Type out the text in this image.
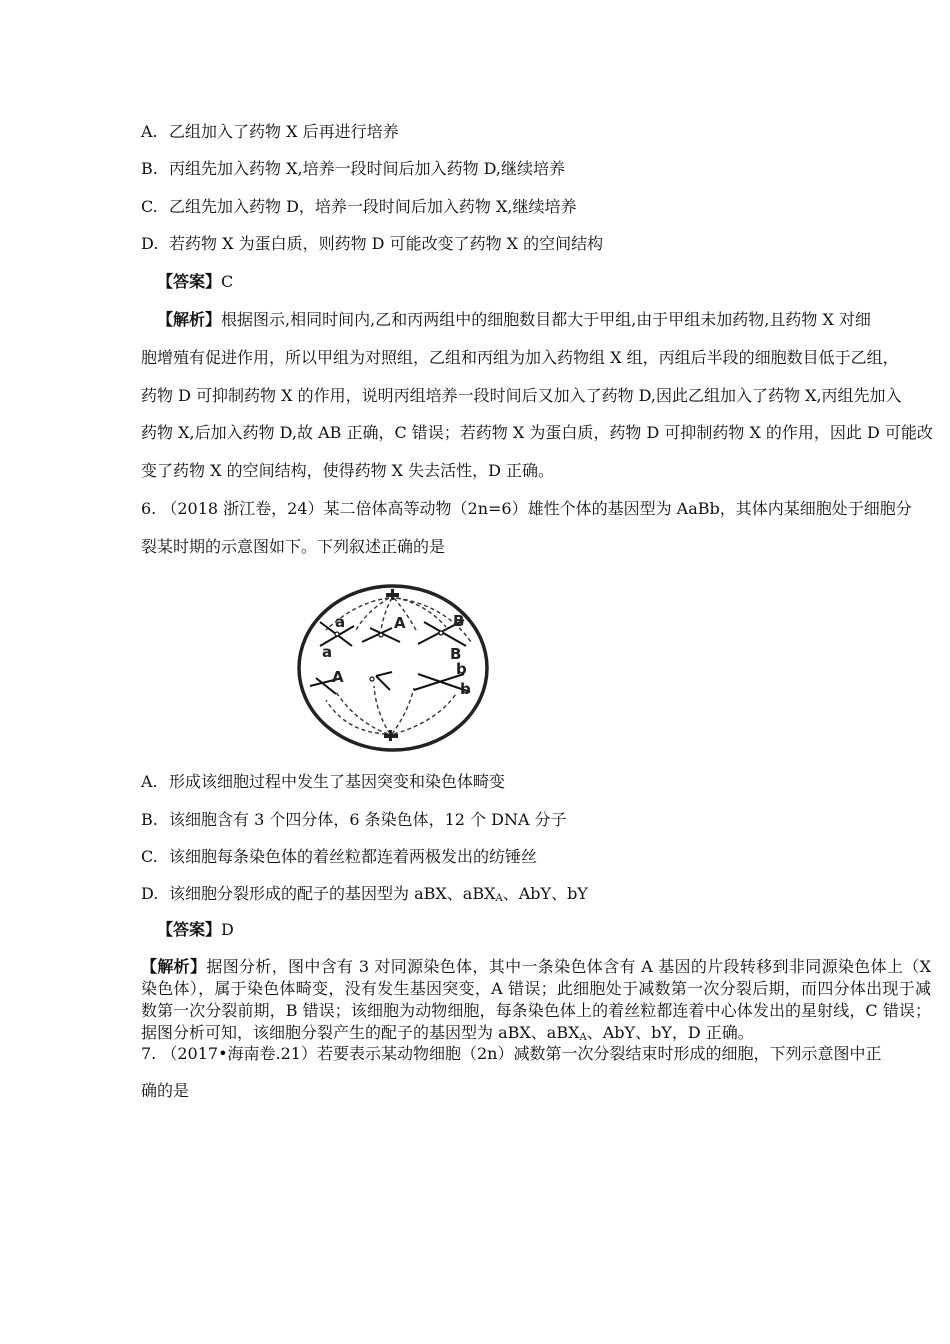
A. 乙组加入了药物 X 后再进行培养
B. 丙组先加入药物 X,培养一段时间后加入药物 D,继续培养
C. 乙组先加入药物 D，培养一段时间后加入药物 X,继续培养
D. 若药物 X 为蛋白质，则药物 D 可能改变了药物 X 的空间结构
【答案】C
【解析】根据图示,相同时间内,乙和丙两组中的细胞数目都大于甲组,由于甲组未加药物,且药物 X 对细
胞增殖有促进作用，所以甲组为对照组，乙组和丙组为加入药物组 X 组，丙组后半段的细胞数目低于乙组，
药物 D 可抑制药物 X 的作用，说明丙组培养一段时间后又加入了药物 D,因此乙组加入了药物 X,丙组先加入
药物 X,后加入药物 D,故 AB 正确，C 错误；若药物 X 为蛋白质，药物 D 可抑制药物 X 的作用，因此 D 可能改
变了药物 X 的空间结构，使得药物 X 失去活性，D 正确。
6. （2018 浙江卷，24）某二倍体高等动物（2n=6）雄性个体的基因型为 AaBb，其体内某细胞处于细胞分
裂某时期的示意图如下。下列叙述正确的是
a
a
A	B
B
A	b
b
A. 形成该细胞过程中发生了基因突变和染色体畸变
B. 该细胞含有 3 个四分体，6 条染色体，12 个 DNA 分子
C. 该细胞每条染色体的着丝粒都连着两极发出的纺锤丝
D. 该细胞分裂形成的配子的基因型为 aBX、aBX$_A$、AbY、bY
【答案】D
【解析】据图分析，图中含有 3 对同源染色体，其中一条染色体含有 A 基因的片段转移到非同源染色体上（X 染色体），属于染色体畸变，没有发生基因突变，A 错误；此细胞处于减数第一次分裂后期，而四分体出现于减数第一次分裂前期，B 错误；该细胞为动物细胞，每条染色体上的着丝粒都连着中心体发出的星射线，C 错误；据图分析可知，该细胞分裂产生的配子的基因型为 aBX、aBX$_A$、AbY、bY，D 正确。
7. （2017•海南卷.21）若要表示某动物细胞（2n）减数第一次分裂结束时形成的细胞，下列示意图中正
确的是
